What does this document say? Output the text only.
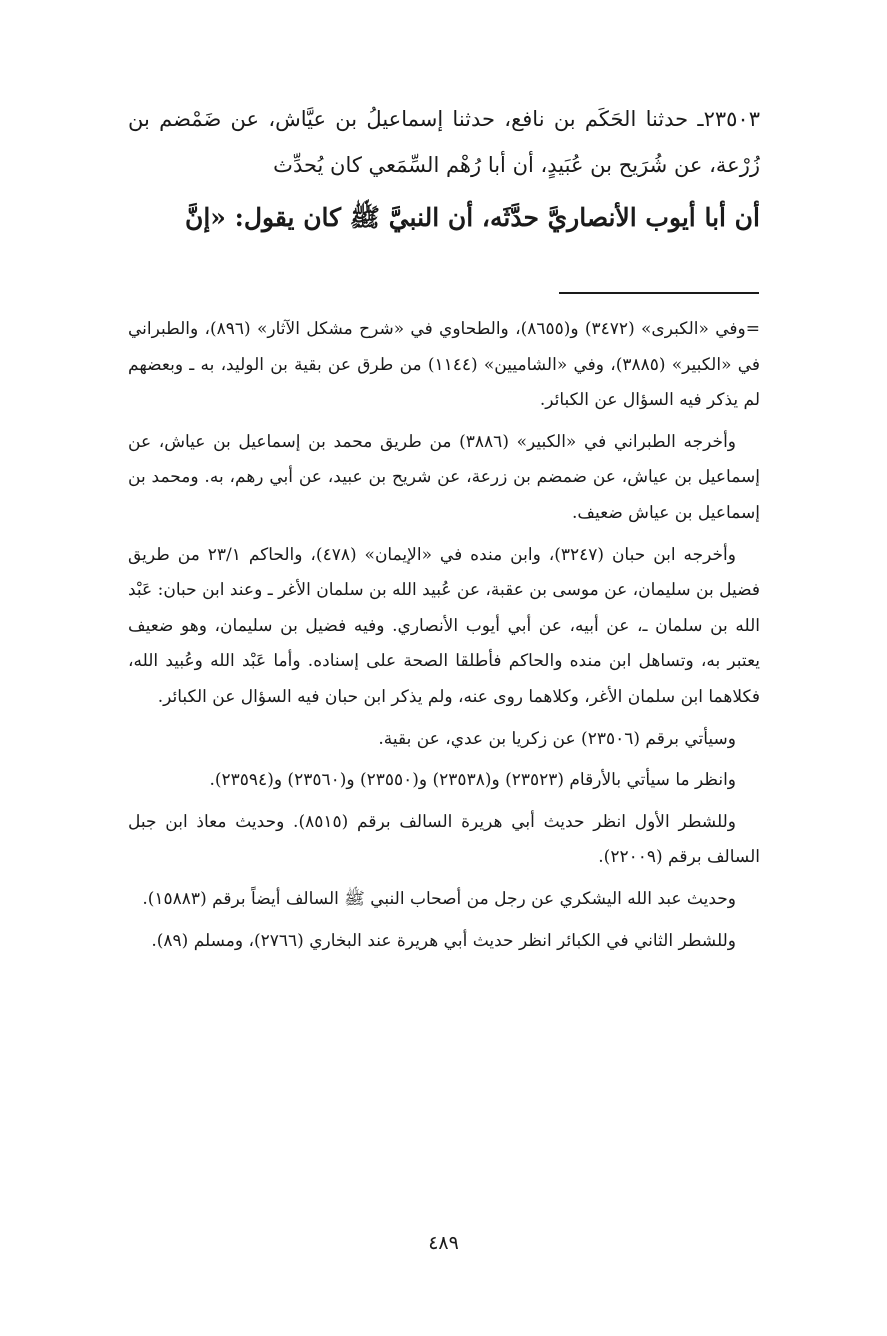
٢٣٥٠٣ـ حدثنا الحَكَم بن نافع، حدثنا إسماعيلُ بن عيَّاش، عن ضَمْضم بن زُرْعة، عن شُرَيح بن عُبَيدٍ، أن أبا رُهْم السِّمَعي كان يُحدِّث
أن أبا أيوب الأنصاريَّ حدَّثَه، أن النبيَّ ﷺ كان يقول: «إنَّ

=وفي «الكبرى» (٣٤٧٢) و(٨٦٥٥)، والطحاوي في «شرح مشكل الآثار» (٨٩٦)، والطبراني في «الكبير» (٣٨٨٥)، وفي «الشاميين» (١١٤٤) من طرق عن بقية بن الوليد، به ـ وبعضهم لم يذكر فيه السؤال عن الكبائر.

وأخرجه الطبراني في «الكبير» (٣٨٨٦) من طريق محمد بن إسماعيل بن عياش، عن إسماعيل بن عياش، عن ضمضم بن زرعة، عن شريح بن عبيد، عن أبي رهم، به. ومحمد بن إسماعيل بن عياش ضعيف.

وأخرجه ابن حبان (٣٢٤٧)، وابن منده في «الإيمان» (٤٧٨)، والحاكم ٢٣/١ من طريق فضيل بن سليمان، عن موسى بن عقبة، عن عُبيد الله بن سلمان الأغر ـ وعند ابن حبان: عَبْد الله بن سلمان ـ، عن أبيه، عن أبي أيوب الأنصاري. وفيه فضيل بن سليمان، وهو ضعيف يعتبر به، وتساهل ابن منده والحاكم فأطلقا الصحة على إسناده. وأما عَبْد الله وعُبيد الله، فكلاهما ابن سلمان الأغر، وكلاهما روى عنه، ولم يذكر ابن حبان فيه السؤال عن الكبائر.

وسيأتي برقم (٢٣٥٠٦) عن زكريا بن عدي، عن بقية.

وانظر ما سيأتي بالأرقام (٢٣٥٢٣) و(٢٣٥٣٨) و(٢٣٥٥٠) و(٢٣٥٦٠) و(٢٣٥٩٤).

وللشطر الأول انظر حديث أبي هريرة السالف برقم (٨٥١٥). وحديث معاذ ابن جبل السالف برقم (٢٢٠٠٩).

وحديث عبد الله اليشكري عن رجل من أصحاب النبي ﷺ السالف أيضاً برقم (١٥٨٨٣).

وللشطر الثاني في الكبائر انظر حديث أبي هريرة عند البخاري (٢٧٦٦)، ومسلم (٨٩).

٤٨٩
